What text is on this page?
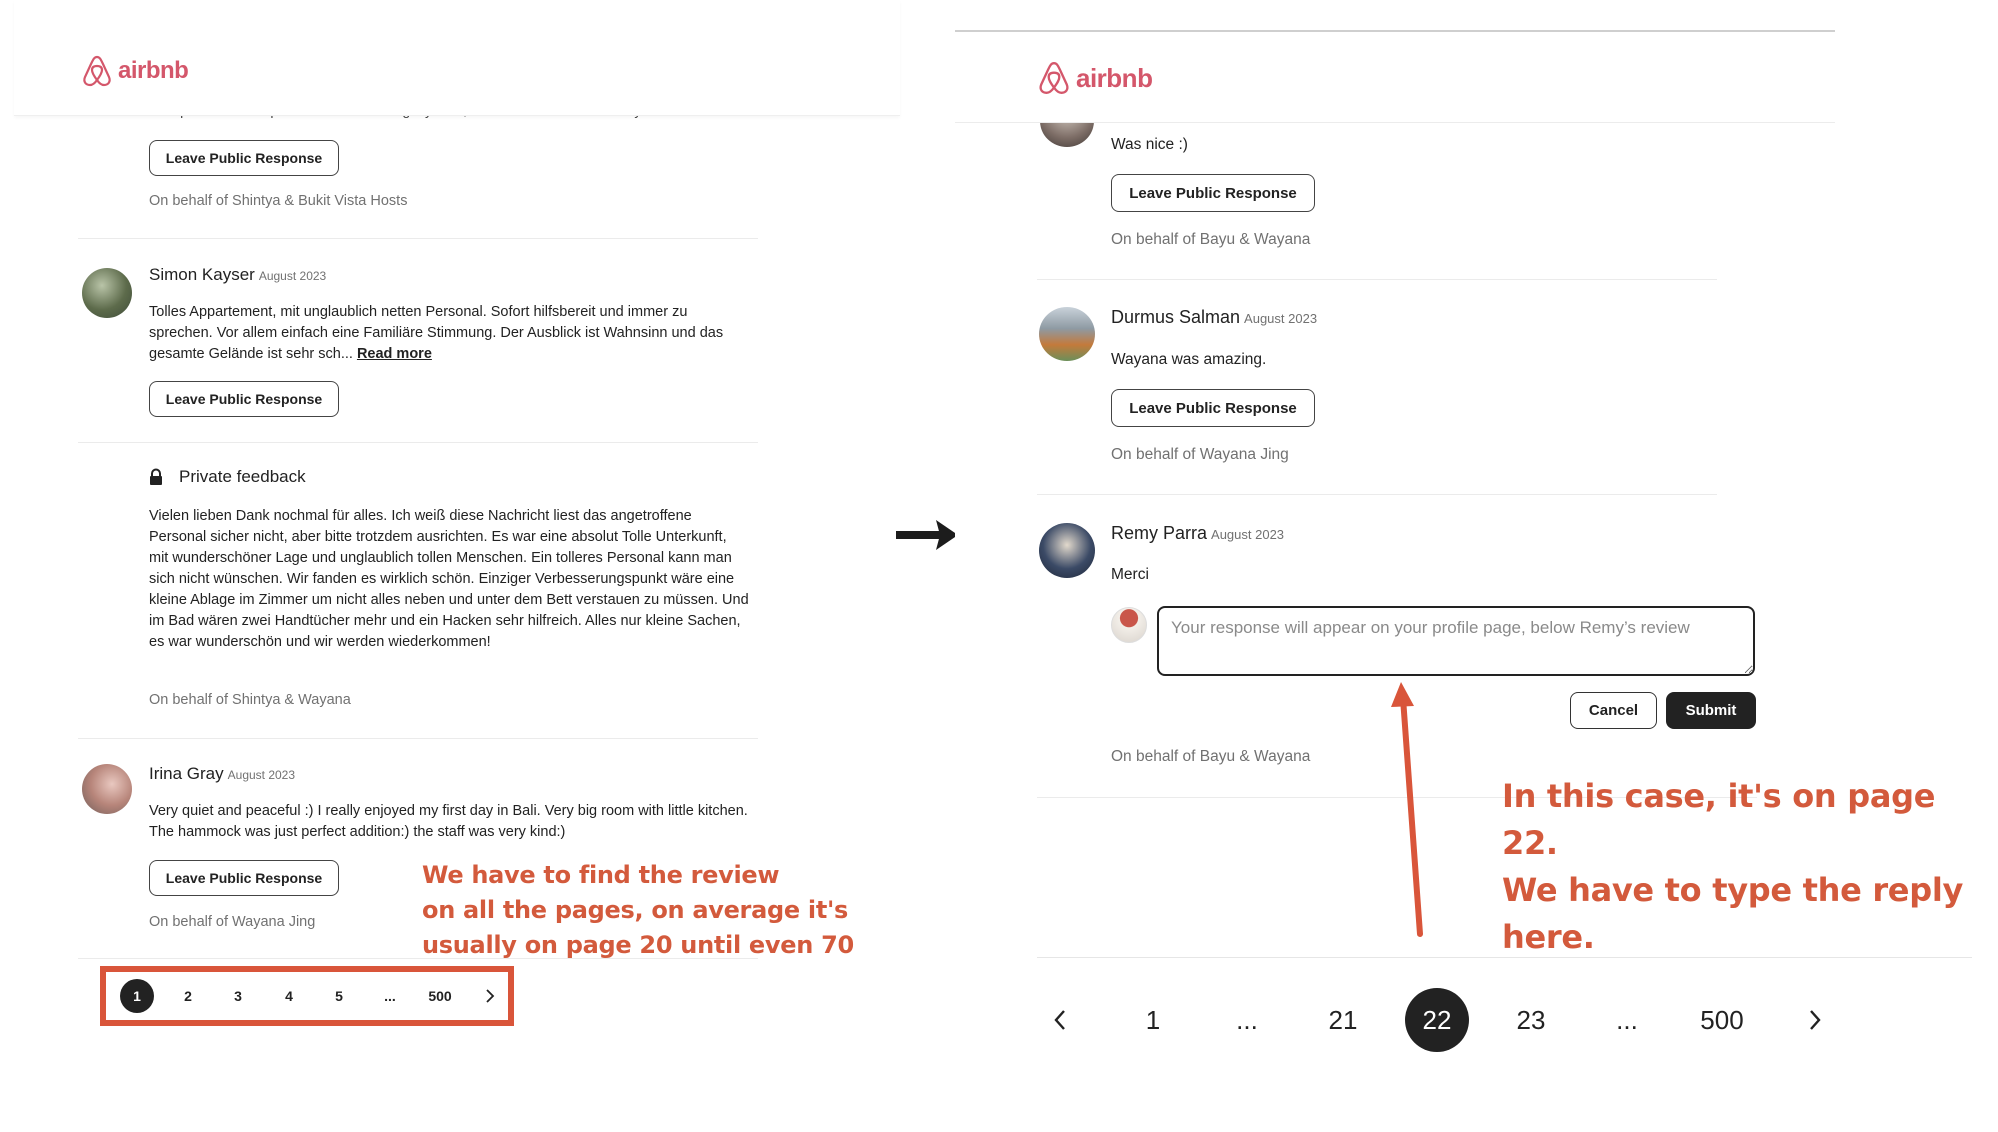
Leave Public Response
On behalf of Shintya & Bukit Vista Hosts
airbnb
Simon Kayser August 2023
Tolles Appartement, mit unglaublich netten Personal. Sofort hilfsbereit und immer zu sprechen. Vor allem einfach eine Familiäre Stimmung. Der Ausblick ist Wahnsinn und das gesamte Gelände ist sehr sch... Read more
Leave Public Response
Private feedback
Vielen lieben Dank nochmal für alles. Ich weiß diese Nachricht liest das angetroffene Personal sicher nicht, aber bitte trotzdem ausrichten. Es war eine absolut Tolle Unterkunft, mit wunderschöner Lage und unglaublich tollen Menschen. Ein tolleres Personal kann man sich nicht wünschen. Wir fanden es wirklich schön. Einziger Verbesserungspunkt wäre eine kleine Ablage im Zimmer um nicht alles neben und unter dem Bett verstauen zu müssen. Und im Bad wären zwei Handtücher mehr und ein Hacken sehr hilfreich. Alles nur kleine Sachen, es war wunderschön und wir werden wiederkommen!
On behalf of Shintya & Wayana
Irina Gray August 2023
Very quiet and peaceful :) I really enjoyed my first day in Bali. Very big room with little kitchen. The hammock was just perfect addition:) the staff was very kind:)
Leave Public Response
On behalf of Wayana Jing
We have to find the review
on all the pages, on average it's
usually on page 20 until even 70
1	2	3	4	5	...	500
Was nice :)
Leave Public Response
On behalf of Bayu & Wayana
airbnb
Durmus Salman August 2023
Wayana was amazing.
Leave Public Response
On behalf of Wayana Jing
Remy Parra August 2023
Merci
Your response will appear on your profile page, below Remy’s review
Cancel	Submit
On behalf of Bayu & Wayana
In this case, it's on page 22.
We have to type the reply
here.
1	...	21	22	23	...	500
